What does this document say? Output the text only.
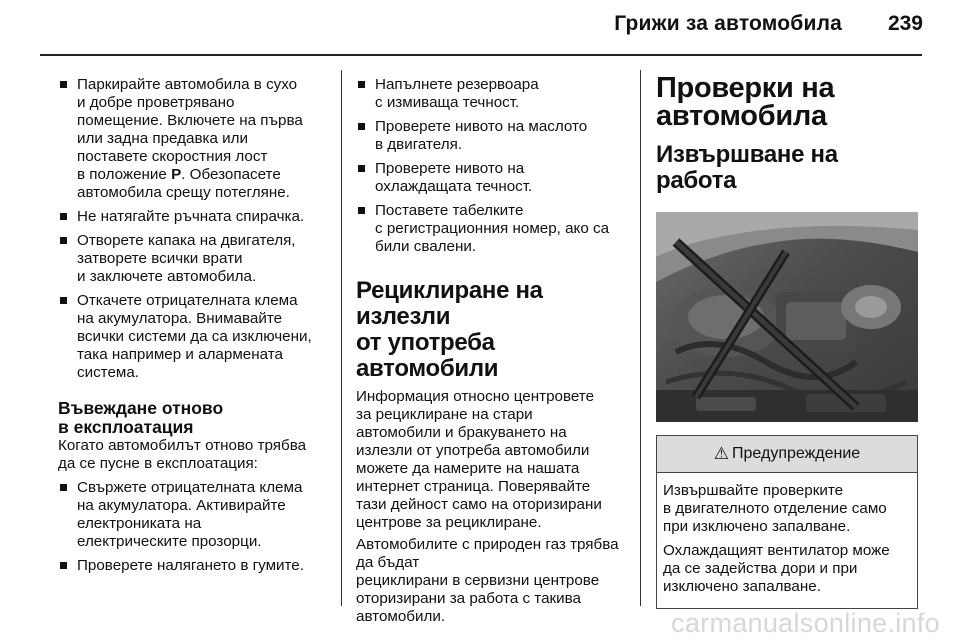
Грижи за автомобила 239
Паркирайте автомобила в сухо
и добре проветрявано
помещение. Включете на първа
или задна предавка или
поставете скоростния лост
в положение P. Обезопасете
автомобила срещу потегляне.
Не натягайте ръчната спирачка.
Отворете капака на двигателя,
затворете всички врати
и заключете автомобила.
Откачете отрицателната клема
на акумулатора. Внимавайте
всички системи да са изключени,
така например и алармената
система.
Въвеждане отново
в експлоатация
Когато автомобилът отново трябва
да се пусне в експлоатация:
Свържете отрицателната клема
на акумулатора. Активирайте
електрониката на
електрическите прозорци.
Проверете налягането в гумите.
Напълнете резервоара
с измиваща течност.
Проверете нивото на маслото
в двигателя.
Проверете нивото на
охлаждащата течност.
Поставете табелките
с регистрационния номер, ако са
били свалени.
Рециклиране на излезли
от употреба автомобили
Информация относно центровете
за рециклиране на стари
автомобили и бракуването на
излезли от употреба автомобили
можете да намерите на нашата
интернет страница. Поверявайте
тази дейност само на оторизирани
центрове за рециклиране.
Автомобилите с природен газ трябва да бъдат
рециклирани в сервизни центрове
оторизирани за работа с такива
автомобили.
Проверки на
автомобила
Извършване на работа
⚠ Предупреждение

Извършвайте проверките
в двигателното отделение само
при изключено запалване.

Охлаждащият вентилатор може
да се задейства дори и при
изключено запалване.

carmanualsonline.info
